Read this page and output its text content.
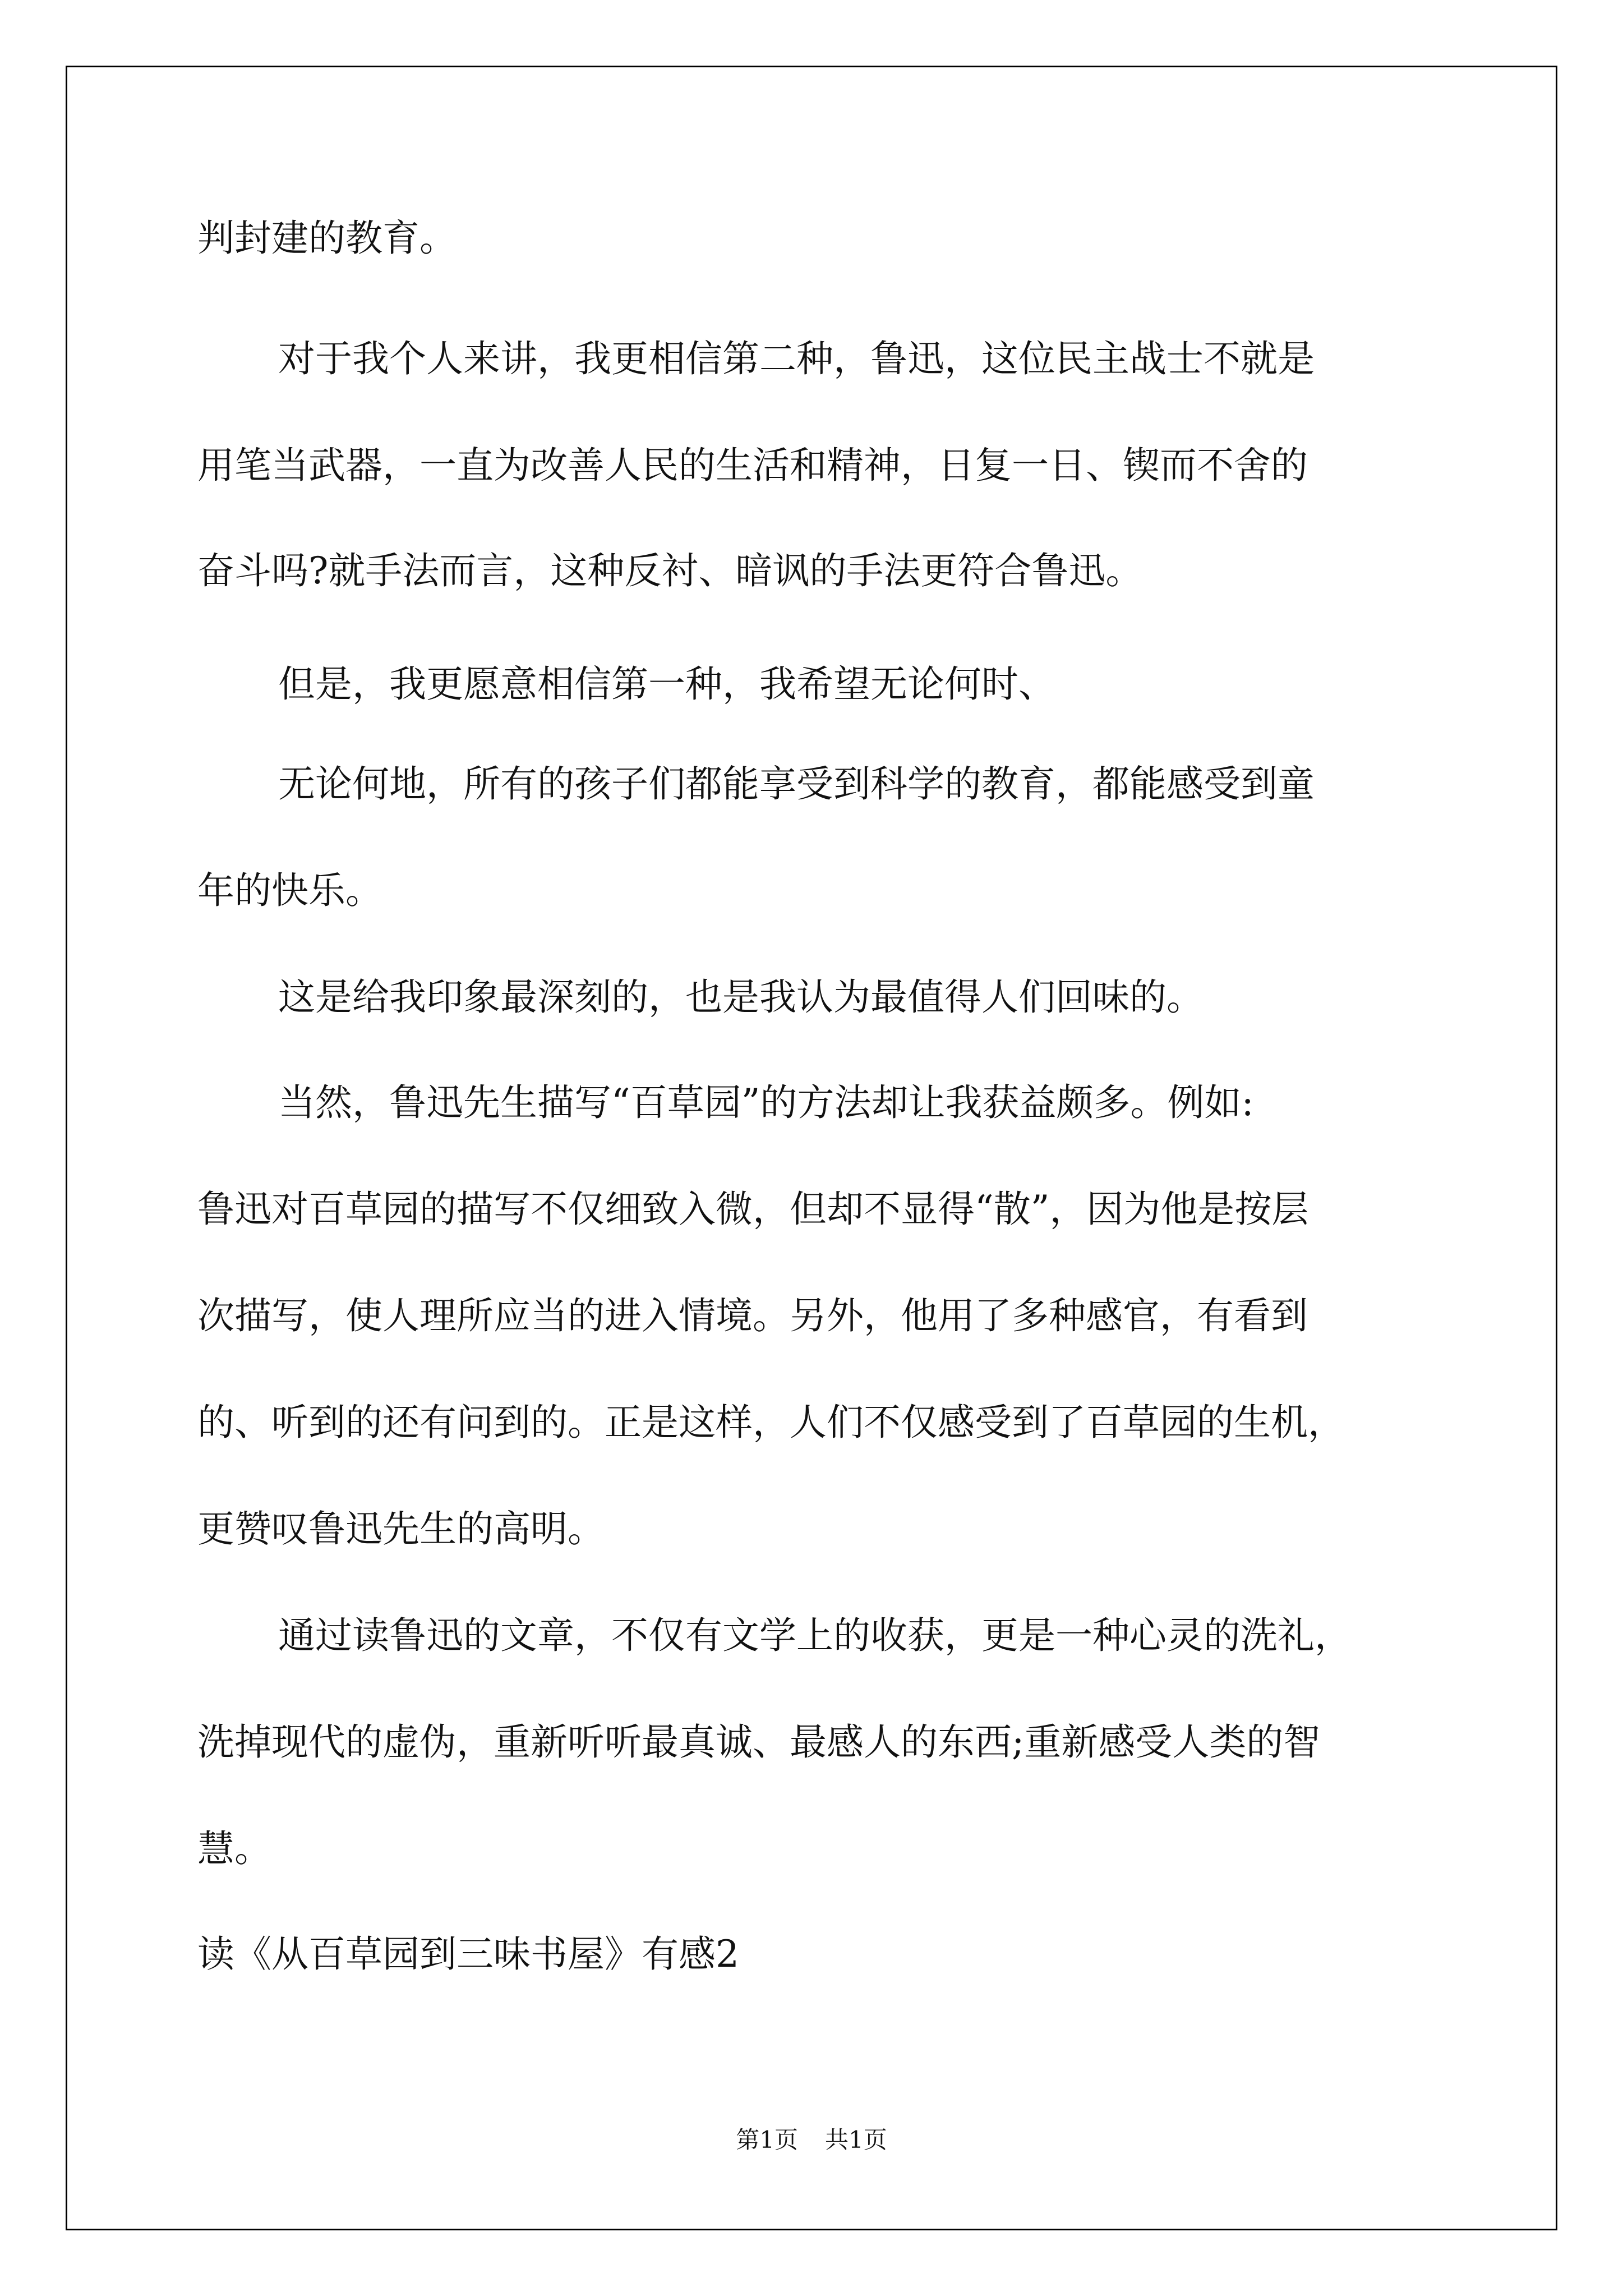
判封建的教育。

对于我个人来讲，我更相信第二种，鲁迅，这位民主战士不就是

用笔当武器，一直为改善人民的生活和精神，日复一日、锲而不舍的

奋斗吗?就手法而言，这种反衬、暗讽的手法更符合鲁迅。

但是，我更愿意相信第一种，我希望无论何时、

无论何地，所有的孩子们都能享受到科学的教育，都能感受到童

年的快乐。

这是给我印象最深刻的，也是我认为最值得人们回味的。

当然，鲁迅先生描写“百草园”的方法却让我获益颇多。例如:

鲁迅对百草园的描写不仅细致入微，但却不显得“散”，因为他是按层

次描写，使人理所应当的进入情境。另外，他用了多种感官，有看到

的、听到的还有问到的。正是这样，人们不仅感受到了百草园的生机，

更赞叹鲁迅先生的高明。

通过读鲁迅的文章，不仅有文学上的收获，更是一种心灵的洗礼，

洗掉现代的虚伪，重新听听最真诚、最感人的东西;重新感受人类的智

慧。

读《从百草园到三味书屋》有感2
第1页 共1页
